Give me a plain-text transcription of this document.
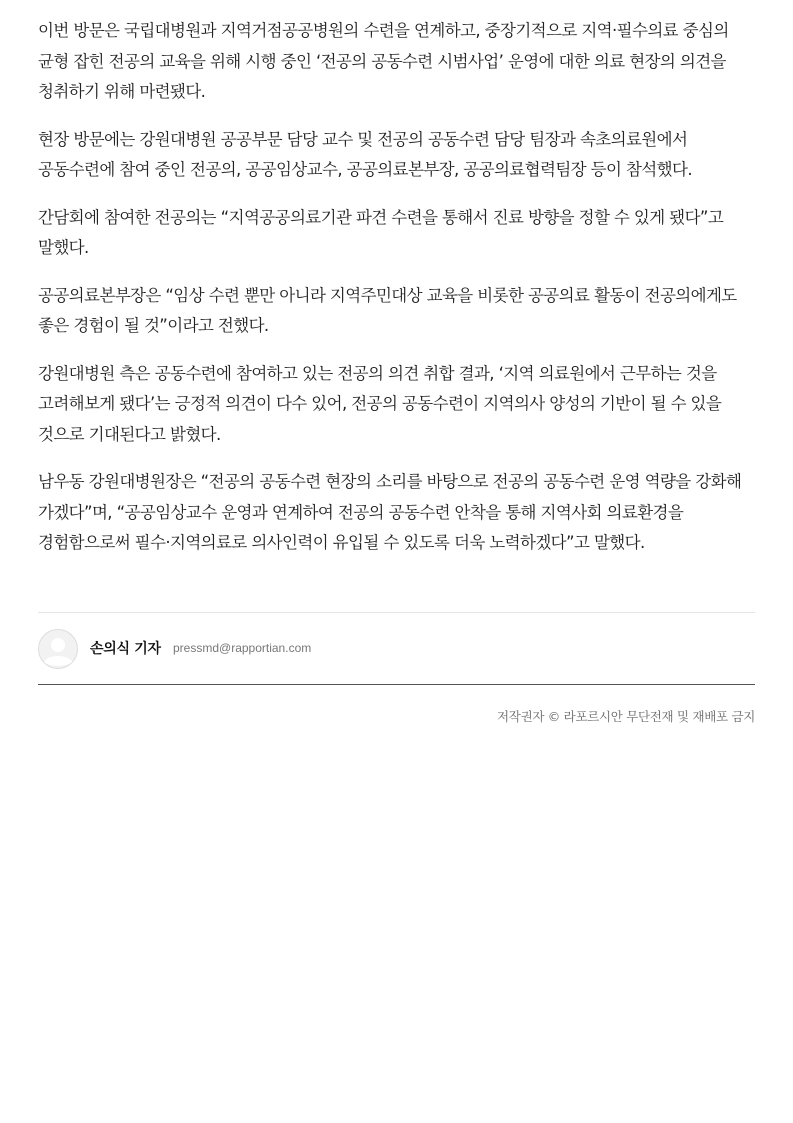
이번 방문은 국립대병원과 지역거점공공병원의 수련을 연계하고, 중장기적으로 지역·필수의료 중심의 균형 잡힌 전공의 교육을 위해 시행 중인 ‘전공의 공동수련 시범사업’ 운영에 대한 의료 현장의 의견을 청취하기 위해 마련됐다.

현장 방문에는 강원대병원 공공부문 담당 교수 및 전공의 공동수련 담당 팀장과 속초의료원에서 공동수련에 참여 중인 전공의, 공공임상교수, 공공의료본부장, 공공의료협력팀장 등이 참석했다.

간담회에 참여한 전공의는 “지역공공의료기관 파견 수련을 통해서 진료 방향을 정할 수 있게 됐다”고 말했다.

공공의료본부장은 “임상 수련 뿐만 아니라 지역주민대상 교육을 비롯한 공공의료 활동이 전공의에게도 좋은 경험이 될 것”이라고 전했다.

강원대병원 측은 공동수련에 참여하고 있는 전공의 의견 취합 결과, ‘지역 의료원에서 근무하는 것을 고려해보게 됐다’는 긍정적 의견이 다수 있어, 전공의 공동수련이 지역의사 양성의 기반이 될 수 있을 것으로 기대된다고 밝혔다.

남우동 강원대병원장은 “전공의 공동수련 현장의 소리를 바탕으로 전공의 공동수련 운영 역량을 강화해 가겠다”며, “공공임상교수 운영과 연계하여 전공의 공동수련 안착을 통해 지역사회 의료환경을 경험함으로써 필수·지역의료로 의사인력이 유입될 수 있도록 더욱 노력하겠다”고 말했다.

손의식 기자 pressmd@rapportian.com
저작권자 © 라포르시안 무단전재 및 재배포 금지
